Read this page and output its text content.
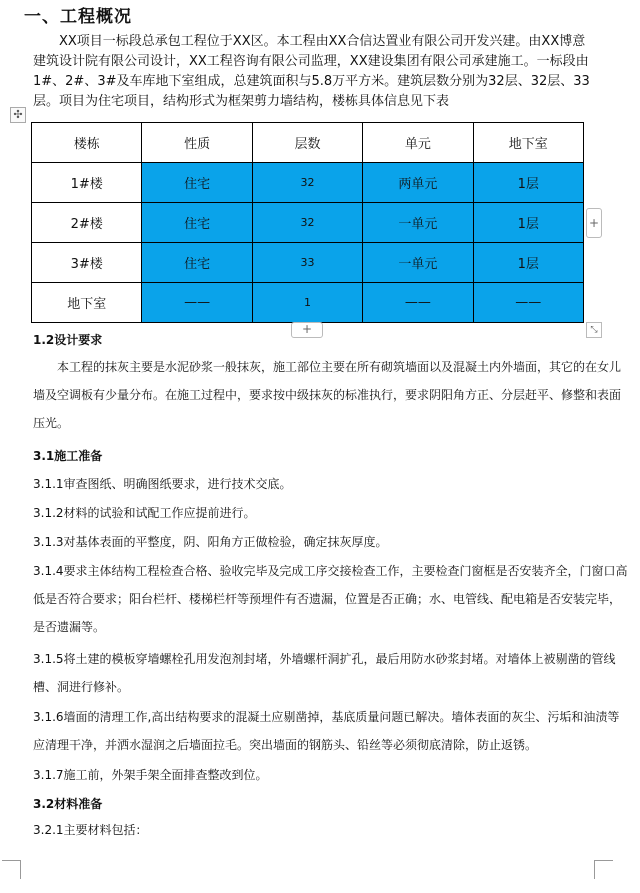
一、工程概况

XX项目一标段总承包工程位于XX区。本工程由XX合信达置业有限公司开发兴建。由XX博意建筑设计院有限公司设计，XX工程咨询有限公司监理，XX建设集团有限公司承建施工。一标段由1#、2#、3#及车库地下室组成，总建筑面积与5.8万平方米。建筑层数分别为32层、32层、33层。项目为住宅项目，结构形式为框架剪力墙结构，楼栋具体信息见下表

✣
楼栋	性质	层数	单元	地下室
1#楼	住宅	32	两单元	1层
2#楼	住宅	32	一单元	1层
3#楼	住宅	33	一单元	1层
地下室	——	1	——	——
+
+	⤡
1.2设计要求

本工程的抹灰主要是水泥砂浆一般抹灰，施工部位主要在所有砌筑墙面以及混凝土内外墙面，其它的在女儿墙及空调板有少量分布。在施工过程中，要求按中级抹灰的标准执行，要求阴阳角方正、分层赶平、修整和表面压光。

3.1施工准备

3.1.1审查图纸、明确图纸要求，进行技术交底。

3.1.2材料的试验和试配工作应提前进行。

3.1.3对基体表面的平整度，阴、阳角方正做检验，确定抹灰厚度。

3.1.4要求主体结构工程检查合格、验收完毕及完成工序交接检查工作，主要检查门窗框是否安装齐全，门窗口高低是否符合要求；阳台栏杆、楼梯栏杆等预埋件有否遗漏，位置是否正确；水、电管线、配电箱是否安装完毕，是否遗漏等。

3.1.5将土建的模板穿墙螺栓孔用发泡剂封堵，外墙螺杆洞扩孔，最后用防水砂浆封堵。对墙体上被剔凿的管线槽、洞进行修补。

3.1.6墙面的清理工作,高出结构要求的混凝土应剔凿掉，基底质量问题已解决。墙体表面的灰尘、污垢和油渍等应清理干净，并洒水湿润之后墙面拉毛。突出墙面的钢筋头、铅丝等必须彻底清除，防止返锈。

3.1.7施工前，外架手架全面排查整改到位。

3.2材料准备

3.2.1主要材料包括：
